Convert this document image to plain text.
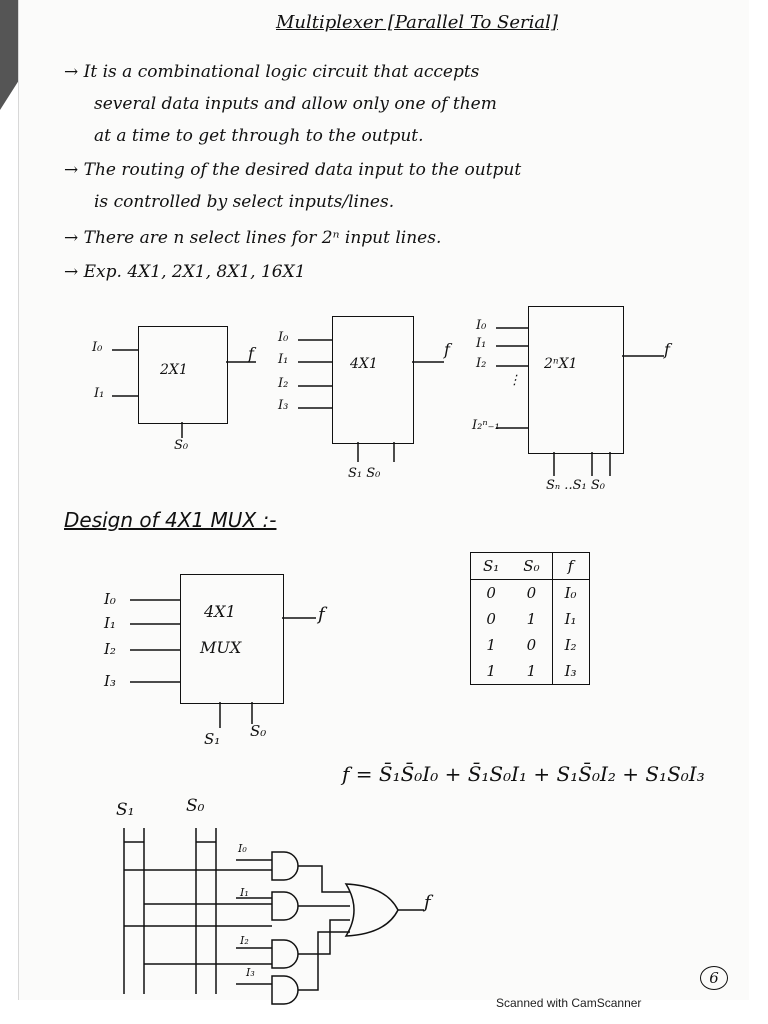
Multiplexer [Parallel To Serial]
→ It is a combinational logic circuit that accepts
several data inputs and allow only one of them
at a time to get through to the output.
→ The routing of the desired data input to the output
is controlled by select inputs/lines.
→ There are n select lines for 2ⁿ input lines.
→ Exp. 4X1, 2X1, 8X1, 16X1
2X1
I₀
I₁
f
S₀
4X1
I₀
I₁
I₂
I₃
f
S₁ S₀
2ⁿX1
I₀
I₁
I₂
⋮
I₂ⁿ₋₁
f
Sₙ ..S₁ S₀
Design of 4X1 MUX :-
4X1
MUX
I₀
I₁
I₂
I₃
f
S₁ S₀
S₁	S₀	f
0	0	I₀
0	1	I₁
1	0	I₂
1	1	I₃
f = S̄₁S̄₀I₀ + S̄₁S₀I₁ + S₁S̄₀I₂ + S₁S₀I₃
S₁	S₀
I₀
I₁
I₂
I₃
f
6
Scanned with CamScanner
